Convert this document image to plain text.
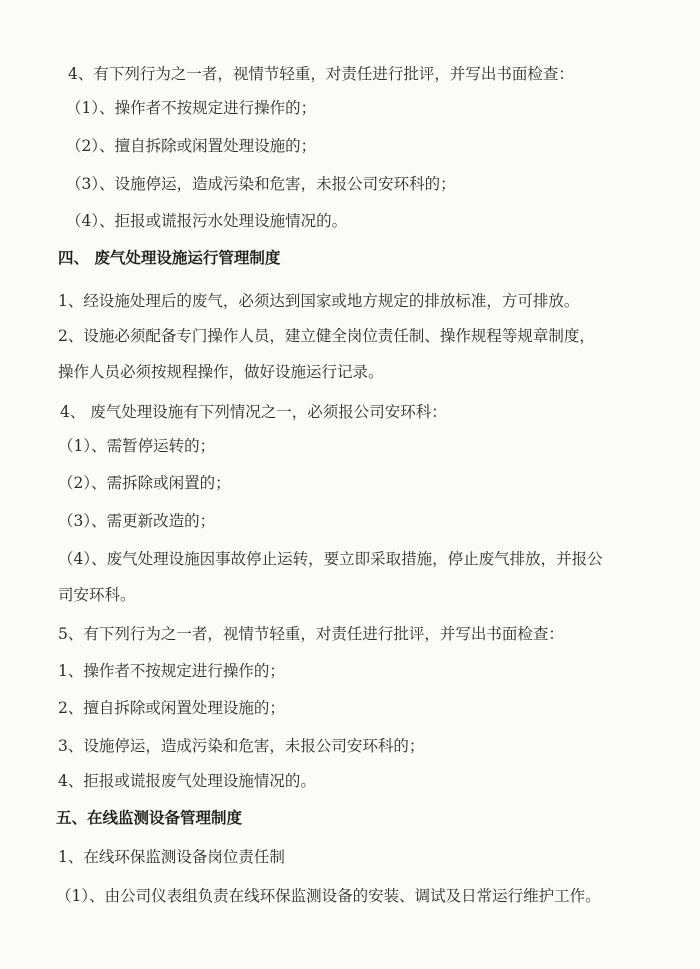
4、有下列行为之一者，视情节轻重，对责任进行批评，并写出书面检查：
（1）、操作者不按规定进行操作的；
（2）、擅自拆除或闲置处理设施的；
（3）、设施停运，造成污染和危害，未报公司安环科的；
（4）、拒报或谎报污水处理设施情况的。
四、 废气处理设施运行管理制度
1、经设施处理后的废气，必须达到国家或地方规定的排放标准，方可排放。
2、设施必须配备专门操作人员，建立健全岗位责任制、操作规程等规章制度，
操作人员必须按规程操作，做好设施运行记录。
4、 废气处理设施有下列情况之一，必须报公司安环科：
（1）、需暂停运转的；
（2）、需拆除或闲置的；
（3）、需更新改造的；
（4）、废气处理设施因事故停止运转，要立即采取措施，停止废气排放，并报公
司安环科。
5、有下列行为之一者，视情节轻重，对责任进行批评，并写出书面检查：
1、操作者不按规定进行操作的；
2、擅自拆除或闲置处理设施的；
3、设施停运，造成污染和危害，未报公司安环科的；
4、拒报或谎报废气处理设施情况的。
五、在线监测设备管理制度
1、在线环保监测设备岗位责任制
（1）、由公司仪表组负责在线环保监测设备的安装、调试及日常运行维护工作。
